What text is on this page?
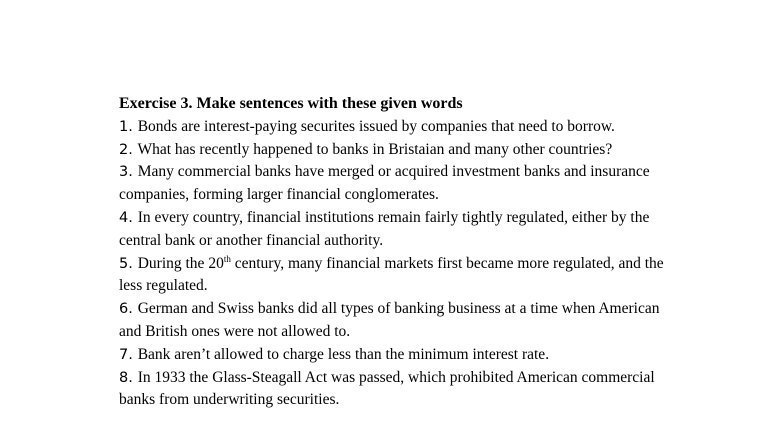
Exercise 3. Make sentences with these given words

1. Bonds are interest-paying securites issued by companies that need to borrow.

2. What has recently happened to banks in Bristaian and many other countries?

3. Many commercial banks have merged or acquired investment banks and insurance companies, forming larger financial conglomerates.

4. In every country, financial institutions remain fairly tightly regulated, either by the central bank or another financial authority.

5. During the 20th century, many financial markets first became more regulated, and the less regulated.

6. German and Swiss banks did all types of banking business at a time when American and British ones were not allowed to.

7. Bank aren’t allowed to charge less than the minimum interest rate.

8. In 1933 the Glass-Steagall Act was passed, which prohibited American commercial banks from underwriting securities.
